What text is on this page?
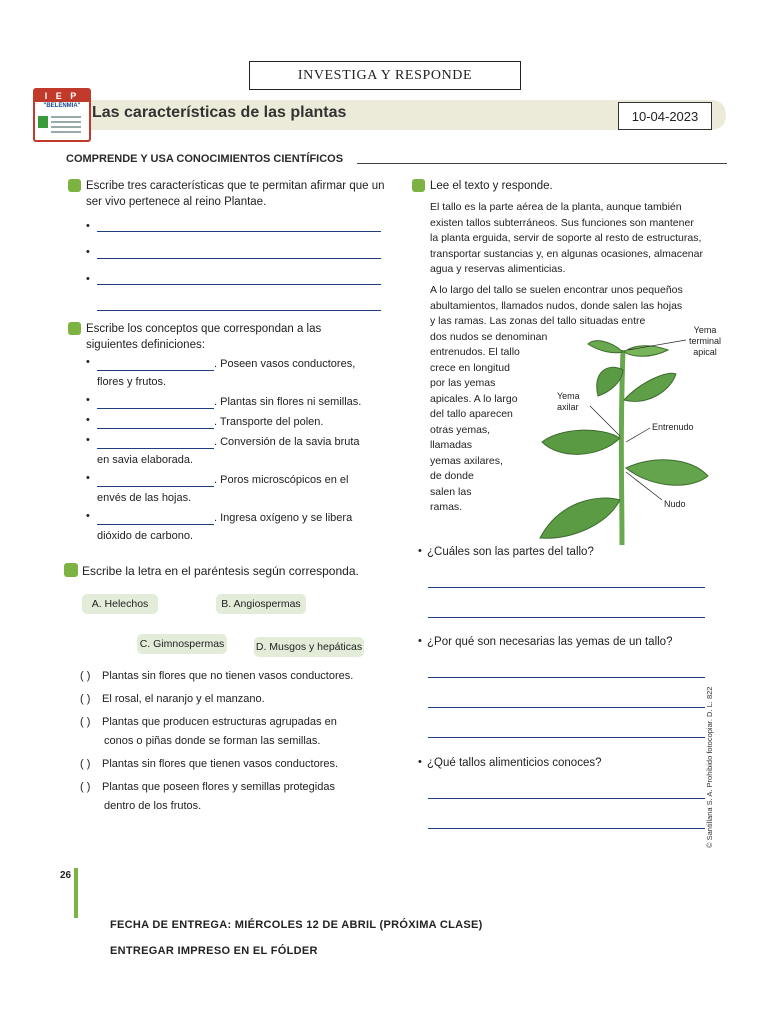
INVESTIGA Y RESPONDE
I E P
"BELÉNMIA" Las características de las plantas	10-04-2023
COMPRENDE Y USA CONOCIMIENTOS CIENTÍFICOS
Escribe tres características que te permitan afirmar que un ser vivo pertenece al reino Plantae.
•
•
•
Escribe los conceptos que correspondan a las siguientes definiciones:
•	. Poseen vasos conductores,
flores y frutos.
•	. Plantas sin flores ni semillas.
•	. Transporte del polen.
•	. Conversión de la savia bruta
en savia elaborada.
•	. Poros microscópicos en el
envés de las hojas.
•	. Ingresa oxígeno y se libera
dióxido de carbono.
Escribe la letra en el paréntesis según corresponda.
A. Helechos	B. Angiospermas
C. Gimnospermas	D. Musgos y hepáticas
( ) Plantas sin flores que no tienen vasos conductores.
( ) El rosal, el naranjo y el manzano.
( ) Plantas que producen estructuras agrupadas en
conos o piñas donde se forman las semillas.
( ) Plantas sin flores que tienen vasos conductores.
( ) Plantas que poseen flores y semillas protegidas
dentro de los frutos.
Lee el texto y responde.
El tallo es la parte aérea de la planta, aunque también
existen tallos subterráneos. Sus funciones son mantener
la planta erguida, servir de soporte al resto de estructuras,
transportar sustancias y, en algunas ocasiones, almacenar
agua y reservas alimenticias.
A lo largo del tallo se suelen encontrar unos pequeños
abultamientos, llamados nudos, donde salen las hojas
y las ramas. Las zonas del tallo situadas entre
dos nudos se denominan
entrenudos. El tallo
crece en longitud
por las yemas
apicales. A lo largo
del tallo aparecen
otras yemas,
llamadas
yemas axilares,
de donde
salen las
ramas.
Yema
terminal
apical
Yema
axilar
Entrenudo
Nudo
• ¿Cuáles son las partes del tallo?
• ¿Por qué son necesarias las yemas de un tallo?
• ¿Qué tallos alimenticios conoces?	© Santillana S. A. Prohibido fotocopiar. D. L. 822
26
FECHA DE ENTREGA: MIÉRCOLES 12 DE ABRIL (PRÓXIMA CLASE)
ENTREGAR IMPRESO EN EL FÓLDER
